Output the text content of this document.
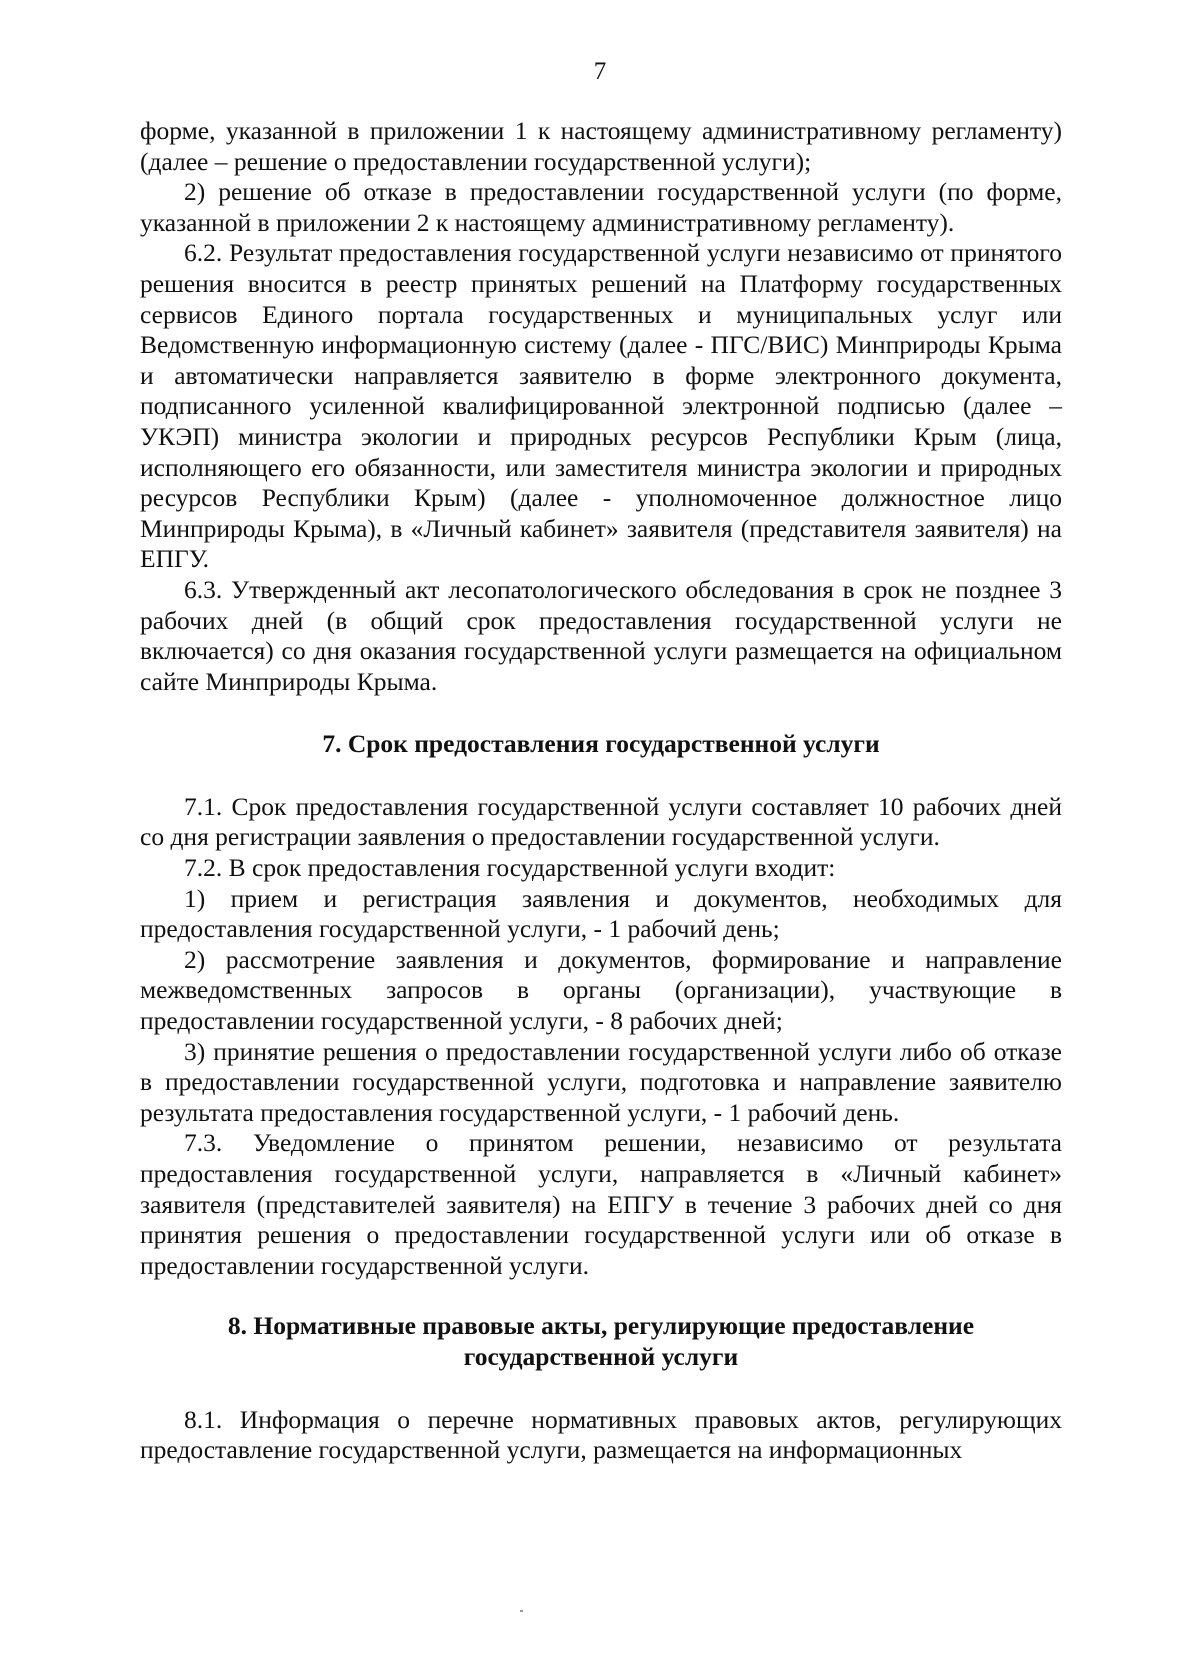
7

форме, указанной в приложении 1 к настоящему административному регламенту) (далее – решение о предоставлении государственной услуги);

2) решение об отказе в предоставлении государственной услуги (по форме, указанной в приложении 2 к настоящему административному регламенту).

6.2. Результат предоставления государственной услуги независимо от принятого решения вносится в реестр принятых решений на Платформу государственных сервисов Единого портала государственных и муниципальных услуг или Ведомственную информационную систему (далее - ПГС/ВИС) Минприроды Крыма и автоматически направляется заявителю в форме электронного документа, подписанного усиленной квалифицированной электронной подписью (далее – УКЭП) министра экологии и природных ресурсов Республики Крым (лица, исполняющего его обязанности, или заместителя министра экологии и природных ресурсов Республики Крым) (далее - уполномоченное должностное лицо Минприроды Крыма), в «Личный кабинет» заявителя (представителя заявителя) на ЕПГУ.

6.3. Утвержденный акт лесопатологического обследования в срок не позднее 3 рабочих дней (в общий срок предоставления государственной услуги не включается) со дня оказания государственной услуги размещается на официальном сайте Минприроды Крыма.

7. Срок предоставления государственной услуги

7.1. Срок предоставления государственной услуги составляет 10 рабочих дней со дня регистрации заявления о предоставлении государственной услуги.

7.2. В срок предоставления государственной услуги входит:

1) прием и регистрация заявления и документов, необходимых для предоставления государственной услуги, - 1 рабочий день;

2) рассмотрение заявления и документов, формирование и направление межведомственных запросов в органы (организации), участвующие в предоставлении государственной услуги, - 8 рабочих дней;

3) принятие решения о предоставлении государственной услуги либо об отказе в предоставлении государственной услуги, подготовка и направление заявителю результата предоставления государственной услуги, - 1 рабочий день.

7.3. Уведомление о принятом решении, независимо от результата предоставления государственной услуги, направляется в «Личный кабинет» заявителя (представителей заявителя) на ЕПГУ в течение 3 рабочих дней со дня принятия решения о предоставлении государственной услуги или об отказе в предоставлении государственной услуги.

8. Нормативные правовые акты, регулирующие предоставление
государственной услуги

8.1. Информация о перечне нормативных правовых актов, регулирующих предоставление государственной услуги, размещается на информационных
